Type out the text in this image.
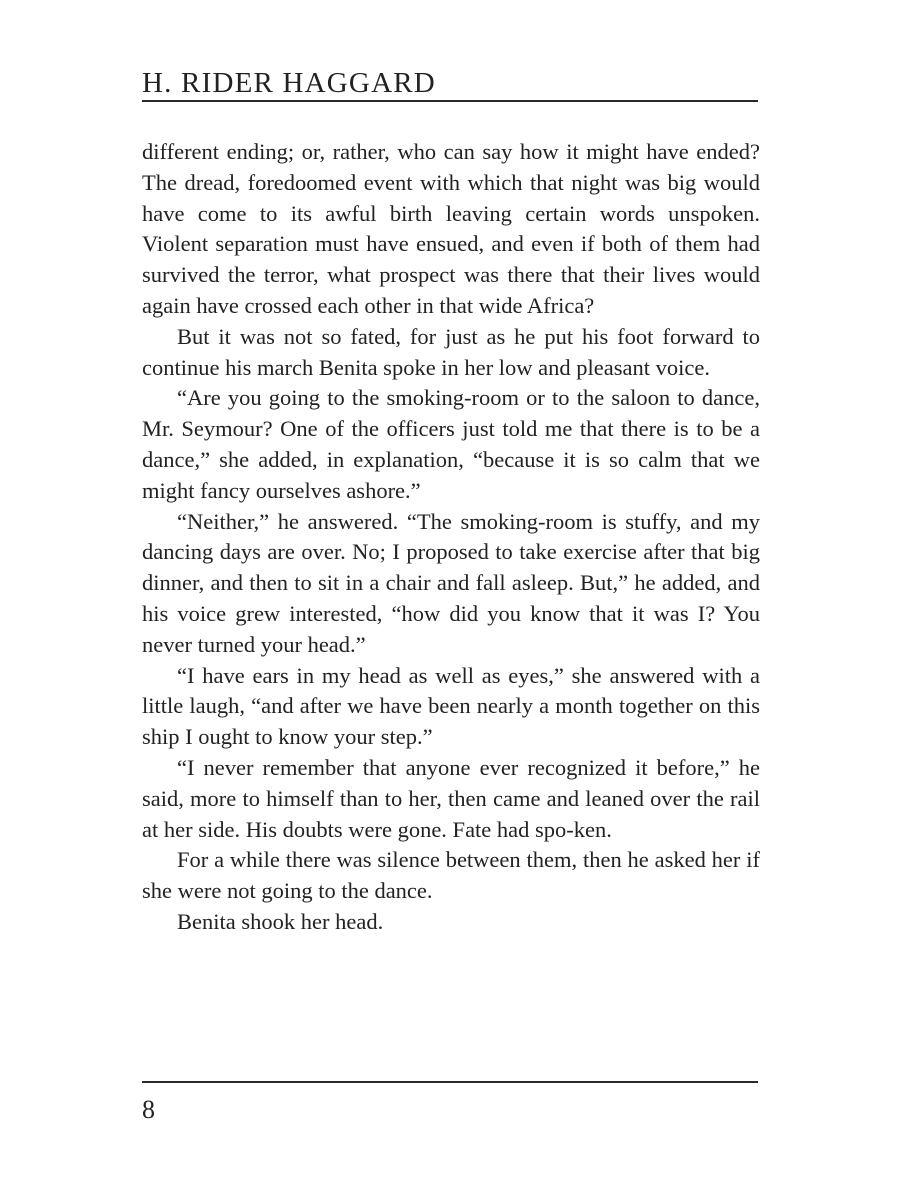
H. RIDER HAGGARD

different ending; or, rather, who can say how it might have ended? The dread, foredoomed event with which that night was big would have come to its awful birth leaving certain words unspoken. Violent separation must have ensued, and even if both of them had survived the terror, what prospect was there that their lives would again have crossed each other in that wide Africa?

But it was not so fated, for just as he put his foot forward to continue his march Benita spoke in her low and pleasant voice.

“Are you going to the smoking-room or to the saloon to dance, Mr. Seymour? One of the officers just told me that there is to be a dance,” she added, in explanation, “because it is so calm that we might fancy ourselves ashore.”

“Neither,” he answered. “The smoking-room is stuffy, and my dancing days are over. No; I proposed to take exercise after that big dinner, and then to sit in a chair and fall asleep. But,” he added, and his voice grew interested, “how did you know that it was I? You never turned your head.”

“I have ears in my head as well as eyes,” she answered with a little laugh, “and after we have been nearly a month together on this ship I ought to know your step.”

“I never remember that anyone ever recognized it before,” he said, more to himself than to her, then came and leaned over the rail at her side. His doubts were gone. Fate had spo-ken.

For a while there was silence between them, then he asked her if she were not going to the dance.

Benita shook her head.

8
